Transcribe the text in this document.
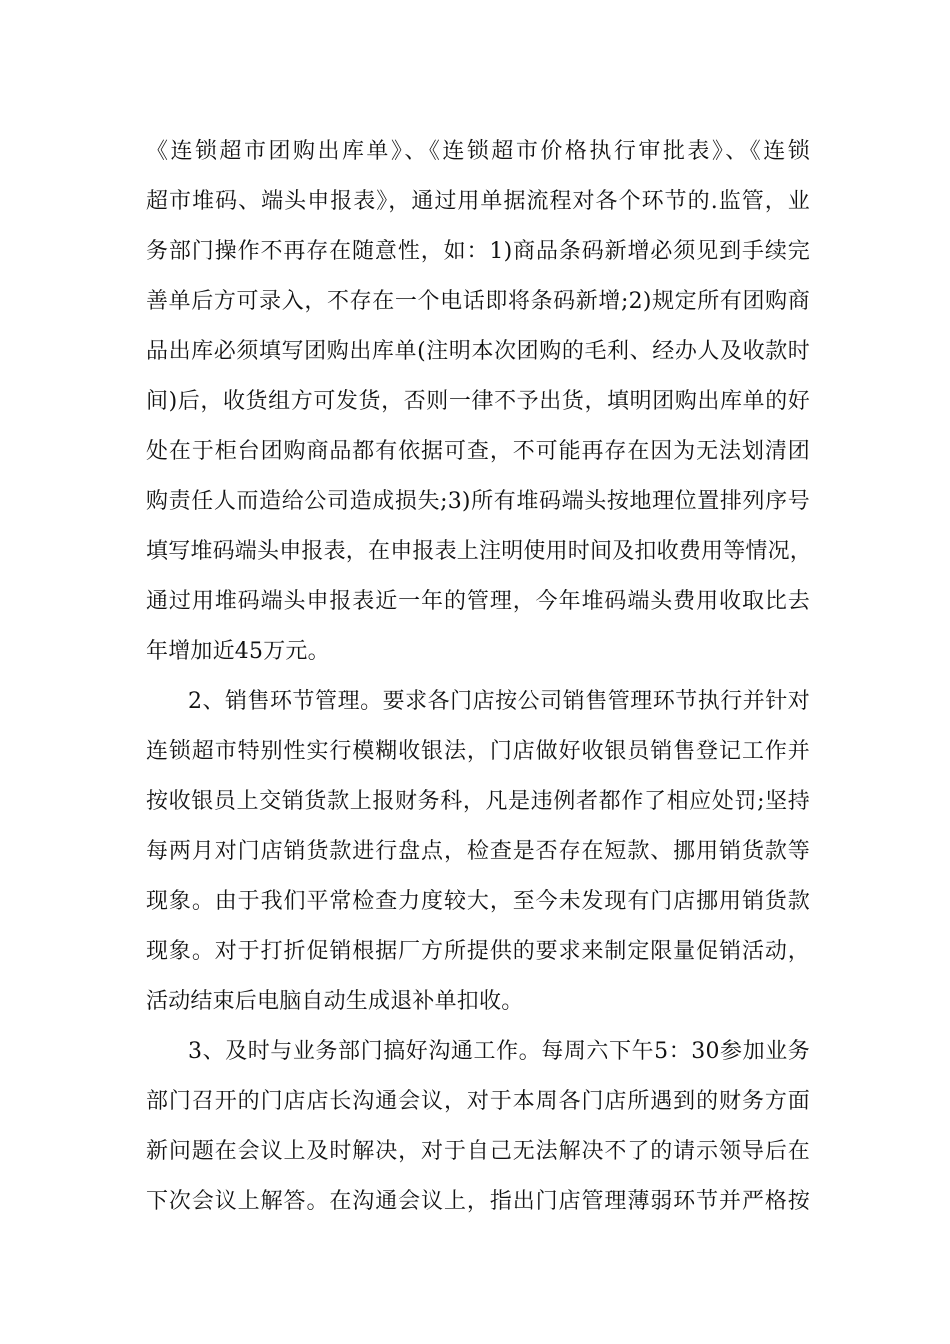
《连锁超市团购出库单》、《连锁超市价格执行审批表》、《连锁
超市堆码、端头申报表》，通过用单据流程对各个环节的.监管，业
务部门操作不再存在随意性，如：1)商品条码新增必须见到手续完
善单后方可录入，不存在一个电话即将条码新增;2)规定所有团购商
品出库必须填写团购出库单(注明本次团购的毛利、经办人及收款时
间)后，收货组方可发货，否则一律不予出货，填明团购出库单的好
处在于柜台团购商品都有依据可查，不可能再存在因为无法划清团
购责任人而造给公司造成损失;3)所有堆码端头按地理位置排列序号
填写堆码端头申报表，在申报表上注明使用时间及扣收费用等情况，
通过用堆码端头申报表近一年的管理，今年堆码端头费用收取比去
年增加近45万元。
2、销售环节管理。要求各门店按公司销售管理环节执行并针对
连锁超市特别性实行模糊收银法，门店做好收银员销售登记工作并
按收银员上交销货款上报财务科，凡是违例者都作了相应处罚;坚持
每两月对门店销货款进行盘点，检查是否存在短款、挪用销货款等
现象。由于我们平常检查力度较大，至今未发现有门店挪用销货款
现象。对于打折促销根据厂方所提供的要求来制定限量促销活动，
活动结束后电脑自动生成退补单扣收。
3、及时与业务部门搞好沟通工作。每周六下午5：30参加业务
部门召开的门店店长沟通会议，对于本周各门店所遇到的财务方面
新问题在会议上及时解决，对于自己无法解决不了的请示领导后在
下次会议上解答。在沟通会议上，指出门店管理薄弱环节并严格按
